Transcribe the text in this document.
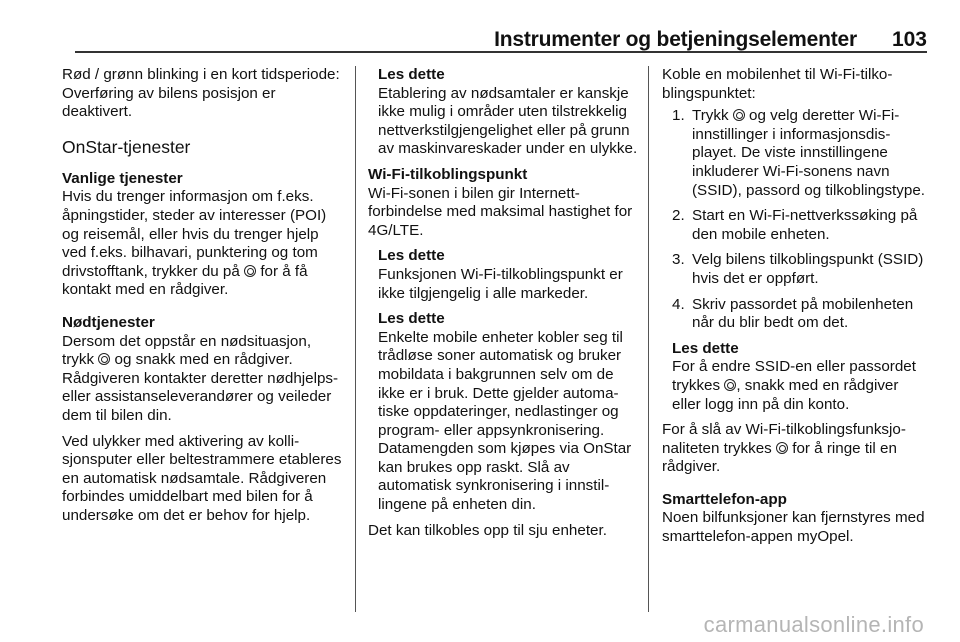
Instrumenter og betjeningselementer 103

Rød / grønn blinking i en kort tidsperiode: Overføring av bilens posisjon er deaktivert.

OnStar-tjenester
Vanlige tjenester

Hvis du trenger informasjon om f.eks. åpningstider, steder av interesser (POI) og reisemål, eller hvis du trenger hjelp ved f.eks. bilhavari, punktering og tom drivstofftank, trykker du på for å få kontakt med en rådgiver.

Nødtjenester

Dersom det oppstår en nødsituasjon, trykk og snakk med en rådgiver. Rådgiveren kontakter deretter nødhjelps- eller assistanseleverandører og veileder dem til bilen din.

Ved ulykker med aktivering av kollisjonsputer eller beltestrammere etableres en automatisk nødsamtale. Rådgiveren forbindes umiddelbart med bilen for å undersøke om det er behov for hjelp.

Les dette

Etablering av nødsamtaler er kanskje ikke mulig i områder uten tilstrekkelig nettverkstilgjengelighet eller på grunn av maskinvareskader under en ulykke.

Wi-Fi-tilkoblingspunkt

Wi-Fi-sonen i bilen gir Internett-forbindelse med maksimal hastighet for 4G/LTE.

Les dette

Funksjonen Wi-Fi-tilkoblingspunkt er ikke tilgjengelig i alle markeder.

Les dette

Enkelte mobile enheter kobler seg til trådløse soner automatisk og bruker mobildata i bakgrunnen selv om de ikke er i bruk. Dette gjelder automatiske oppdateringer, nedlastinger og program- eller appsynkronisering. Datamengden som kjøpes via OnStar kan brukes opp raskt. Slå av automatisk synkronisering i innstillingene på enheten din.

Det kan tilkobles opp til sju enheter.

Koble en mobilenhet til Wi-Fi-tilkoblingspunktet:

1. Trykk og velg deretter Wi-Fi-innstillinger i informasjonsdisplayet. De viste innstillingene inkluderer Wi-Fi-sonens navn (SSID), passord og tilkoblingstype.
2. Start en Wi-Fi-nettverkssøking på den mobile enheten.
3. Velg bilens tilkoblingspunkt (SSID) hvis det er oppført.
4. Skriv passordet på mobilenheten når du blir bedt om det.
Les dette

For å endre SSID-en eller passordet trykkes , snakk med en rådgiver eller logg inn på din konto.

For å slå av Wi-Fi-tilkoblingsfunksjonaliteten trykkes for å ringe til en rådgiver.

Smarttelefon-app

Noen bilfunksjoner kan fjernstyres med smarttelefon-appen myOpel.

carmanualsonline.info
